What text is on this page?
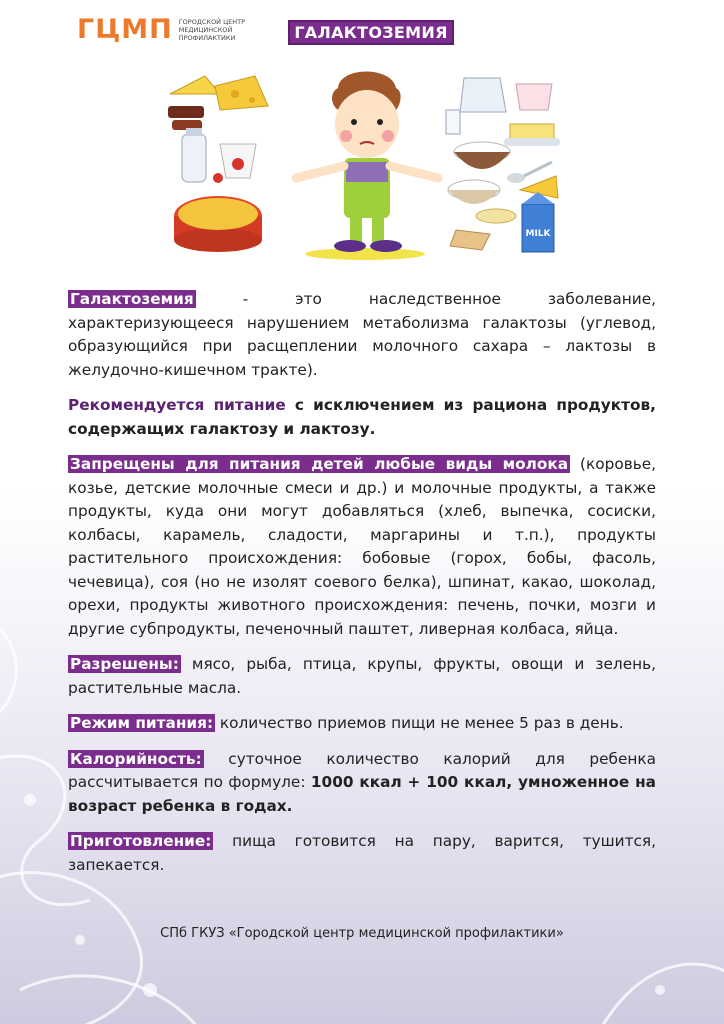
ГЦМП ГОРОДСКОЙ ЦЕНТР
МЕДИЦИНСКОЙ
ПРОФИЛАКТИКИ	ГАЛАКТОЗЕМИЯ
MILK

Галактоземия - это наследственное заболевание, характеризующееся нарушением метаболизма галактозы (углевод, образующийся при расщеплении молочного сахара – лактозы в желудочно-кишечном тракте).

Рекомендуется питание с исключением из рациона продуктов, содержащих галактозу и лактозу.

Запрещены для питания детей любые виды молока (коровье, козье, детские молочные смеси и др.) и молочные продукты, а также продукты, куда они могут добавляться (хлеб, выпечка, сосиски, колбасы, карамель, сладости, маргарины и т.п.), продукты растительного происхождения: бобовые (горох, бобы, фасоль, чечевица), соя (но не изолят соевого белка), шпинат, какао, шоколад, орехи, продукты животного происхождения: печень, почки, мозги и другие субпродукты, печеночный паштет, ливерная колбаса, яйца.

Разрешены: мясо, рыба, птица, крупы, фрукты, овощи и зелень, растительные масла.

Режим питания: количество приемов пищи не менее 5 раз в день.

Калорийность: суточное количество калорий для ребенка рассчитывается по формуле: 1000 ккал + 100 ккал, умноженное на возраст ребенка в годах.

Приготовление: пища готовится на пару, варится, тушится, запекается.

СПб ГКУЗ «Городской центр медицинской профилактики»
